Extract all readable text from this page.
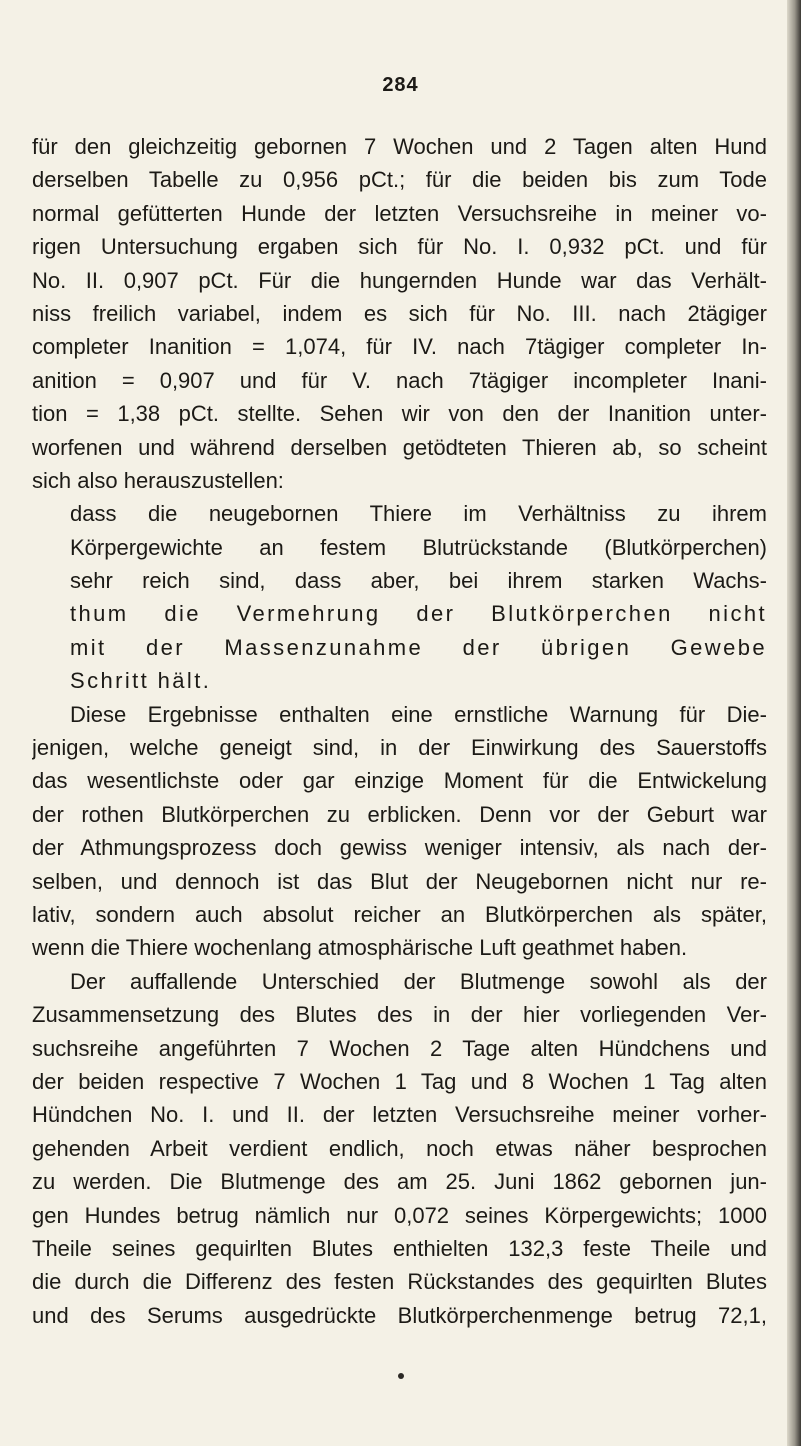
284
für den gleichzeitig gebornen 7 Wochen und 2 Tagen alten Hund
derselben Tabelle zu 0,956 pCt.; für die beiden bis zum Tode
normal gefütterten Hunde der letzten Versuchsreihe in meiner vo-
rigen Untersuchung ergaben sich für No. I. 0,932 pCt. und für
No. II. 0,907 pCt. Für die hungernden Hunde war das Verhält-
niss freilich variabel, indem es sich für No. III. nach 2tägiger
completer Inanition = 1,074, für IV. nach 7tägiger completer In-
anition = 0,907 und für V. nach 7tägiger incompleter Inani-
tion = 1,38 pCt. stellte. Sehen wir von den der Inanition unter-
worfenen und während derselben getödteten Thieren ab, so scheint
sich also herauszustellen:
dass die neugebornen Thiere im Verhältniss zu ihrem
Körpergewichte an festem Blutrückstande (Blutkörperchen)
sehr reich sind, dass aber, bei ihrem starken Wachs-
thum die Vermehrung der Blutkörperchen nicht
mit der Massenzunahme der übrigen Gewebe
Schritt hält.
Diese Ergebnisse enthalten eine ernstliche Warnung für Die-
jenigen, welche geneigt sind, in der Einwirkung des Sauerstoffs
das wesentlichste oder gar einzige Moment für die Entwickelung
der rothen Blutkörperchen zu erblicken. Denn vor der Geburt war
der Athmungsprozess doch gewiss weniger intensiv, als nach der-
selben, und dennoch ist das Blut der Neugebornen nicht nur re-
lativ, sondern auch absolut reicher an Blutkörperchen als später,
wenn die Thiere wochenlang atmosphärische Luft geathmet haben.
Der auffallende Unterschied der Blutmenge sowohl als der
Zusammensetzung des Blutes des in der hier vorliegenden Ver-
suchsreihe angeführten 7 Wochen 2 Tage alten Hündchens und
der beiden respective 7 Wochen 1 Tag und 8 Wochen 1 Tag alten
Hündchen No. I. und II. der letzten Versuchsreihe meiner vorher-
gehenden Arbeit verdient endlich, noch etwas näher besprochen
zu werden. Die Blutmenge des am 25. Juni 1862 gebornen jun-
gen Hundes betrug nämlich nur 0,072 seines Körpergewichts; 1000
Theile seines gequirlten Blutes enthielten 132,3 feste Theile und
die durch die Differenz des festen Rückstandes des gequirlten Blutes
und des Serums ausgedrückte Blutkörperchenmenge betrug 72,1,
